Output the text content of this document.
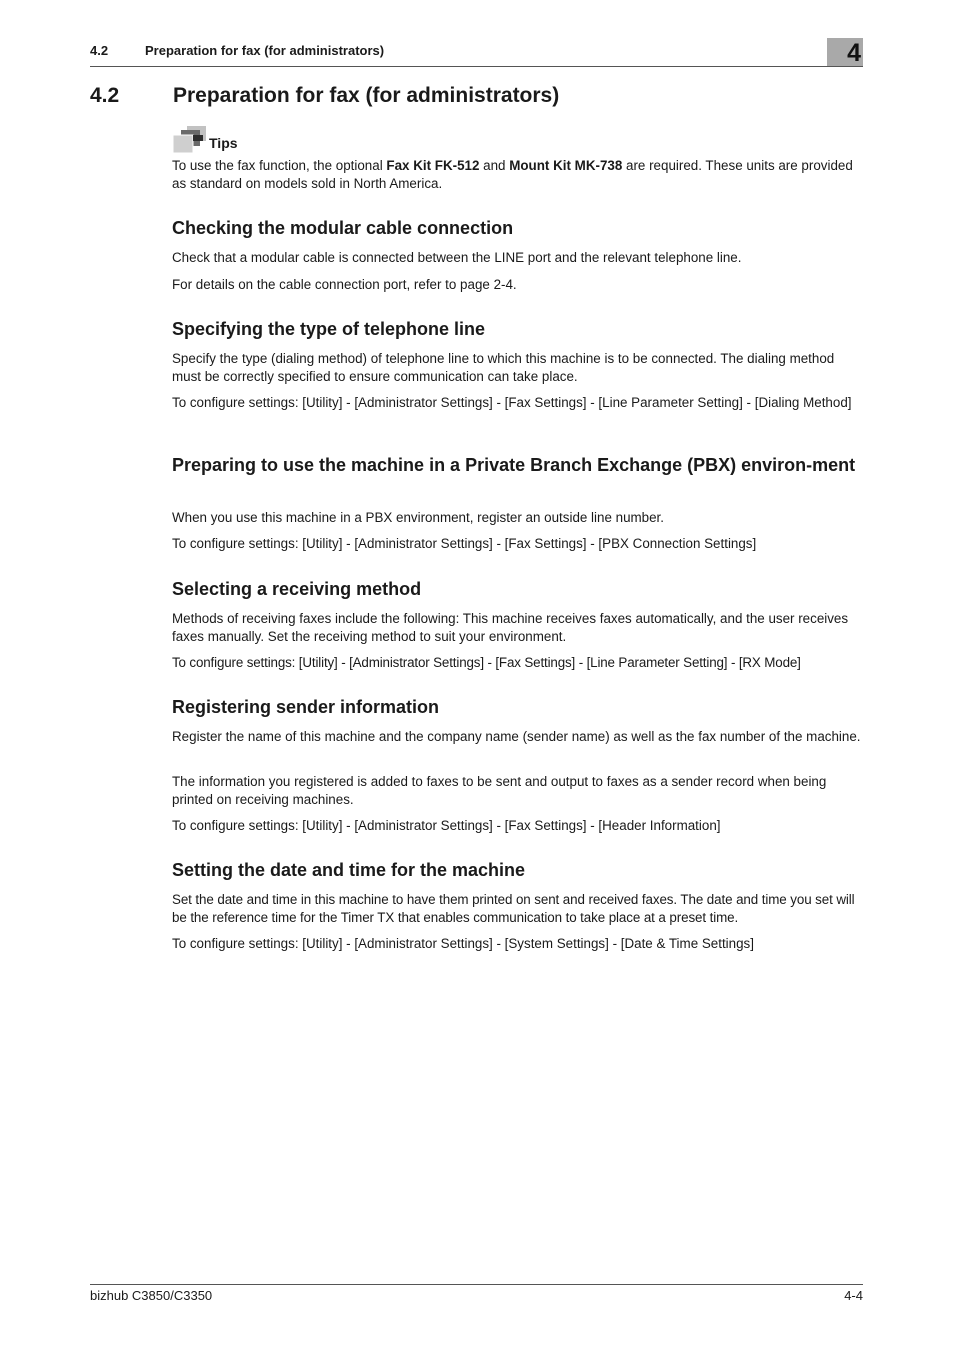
4.2	Preparation for fax (for administrators)	4
4.2	Preparation for fax (for administrators)
Tips

To use the fax function, the optional Fax Kit FK-512 and Mount Kit MK-738 are required. These units are provided as standard on models sold in North America.

Checking the modular cable connection

Check that a modular cable is connected between the LINE port and the relevant telephone line.

For details on the cable connection port, refer to page 2-4.

Specifying the type of telephone line

Specify the type (dialing method) of telephone line to which this machine is to be connected. The dialing method must be correctly specified to ensure communication can take place.

To configure settings: [Utility] - [Administrator Settings] - [Fax Settings] - [Line Parameter Setting] - [Dialing Method]

Preparing to use the machine in a Private Branch Exchange (PBX) environ-ment

When you use this machine in a PBX environment, register an outside line number.

To configure settings: [Utility] - [Administrator Settings] - [Fax Settings] - [PBX Connection Settings]

Selecting a receiving method

Methods of receiving faxes include the following: This machine receives faxes automatically, and the user receives faxes manually. Set the receiving method to suit your environment.

To configure settings: [Utility] - [Administrator Settings] - [Fax Settings] - [Line Parameter Setting] - [RX Mode]

Registering sender information

Register the name of this machine and the company name (sender name) as well as the fax number of the machine.

The information you registered is added to faxes to be sent and output to faxes as a sender record when being printed on receiving machines.

To configure settings: [Utility] - [Administrator Settings] - [Fax Settings] - [Header Information]

Setting the date and time for the machine

Set the date and time in this machine to have them printed on sent and received faxes. The date and time you set will be the reference time for the Timer TX that enables communication to take place at a preset time.

To configure settings: [Utility] - [Administrator Settings] - [System Settings] - [Date & Time Settings]

bizhub C3850/C3350	4-4
